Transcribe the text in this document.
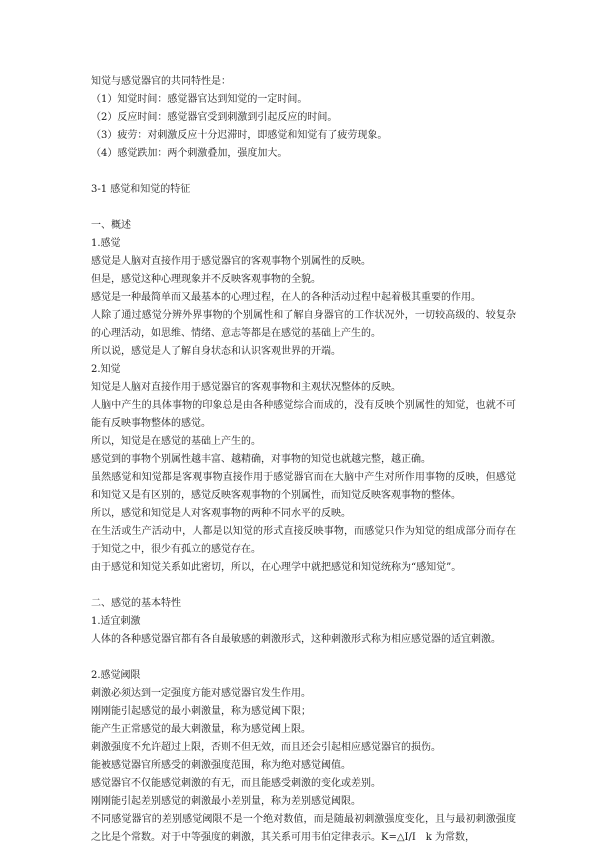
知觉与感觉器官的共同特性是：
（1）知觉时间：感觉器官达到知觉的一定时间。
（2）反应时间：感觉器官受到刺激到引起反应的时间。
（3）疲劳：对刺激反应十分迟滞时，即感觉和知觉有了疲劳现象。
（4）感觉跌加：两个刺激叠加，强度加大。
3-1 感觉和知觉的特征
一、概述
1.感觉
感觉是人脑对直接作用于感觉器官的客观事物个别属性的反映。
但是，感觉这种心理现象并不反映客观事物的全貌。
感觉是一种最简单而又最基本的心理过程，在人的各种活动过程中起着极其重要的作用。
人除了通过感觉分辨外界事物的个别属性和了解自身器官的工作状况外，一切较高级的、较复杂的心理活动，如思维、情绪、意志等都是在感觉的基础上产生的。
所以说，感觉是人了解自身状态和认识客观世界的开端。
2.知觉
知觉是人脑对直接作用于感觉器官的客观事物和主观状况整体的反映。
人脑中产生的具体事物的印象总是由各种感觉综合而成的，没有反映个别属性的知觉，也就不可能有反映事物整体的感觉。
所以，知觉是在感觉的基础上产生的。
感觉到的事物个别属性越丰富、越精确，对事物的知觉也就越完整，越正确。
虽然感觉和知觉都是客观事物直接作用于感觉器官而在大脑中产生对所作用事物的反映，但感觉和知觉又是有区别的，感觉反映客观事物的个别属性，而知觉反映客观事物的整体。
所以，感觉和知觉是人对客观事物的两种不同水平的反映。
在生活或生产活动中，人都是以知觉的形式直接反映事物，而感觉只作为知觉的组成部分而存在于知觉之中，很少有孤立的感觉存在。
由于感觉和知觉关系如此密切，所以，在心理学中就把感觉和知觉统称为“感知觉”。
二、感觉的基本特性
1.适宜刺激
人体的各种感觉器官都有各自最敏感的刺激形式，这种刺激形式称为相应感觉器的适宜刺激。
2.感觉阈限
刺激必须达到一定强度方能对感觉器官发生作用。
刚刚能引起感觉的最小刺激量，称为感觉阈下限；
能产生正常感觉的最大刺激量，称为感觉阈上限。
刺激强度不允许超过上限，否则不但无效，而且还会引起相应感觉器官的损伤。
能被感觉器官所感受的刺激强度范围，称为绝对感觉阈值。
感觉器官不仅能感觉刺激的有无，而且能感受刺激的变化或差别。
刚刚能引起差别感觉的刺激最小差别量，称为差别感觉阈限。
不同感觉器官的差别感觉阈限不是一个绝对数值，而是随最初刺激强度变化，且与最初刺激强度之比是个常数。对于中等强度的刺激，其关系可用韦伯定律表示。K=△I/I　k 为常数，
